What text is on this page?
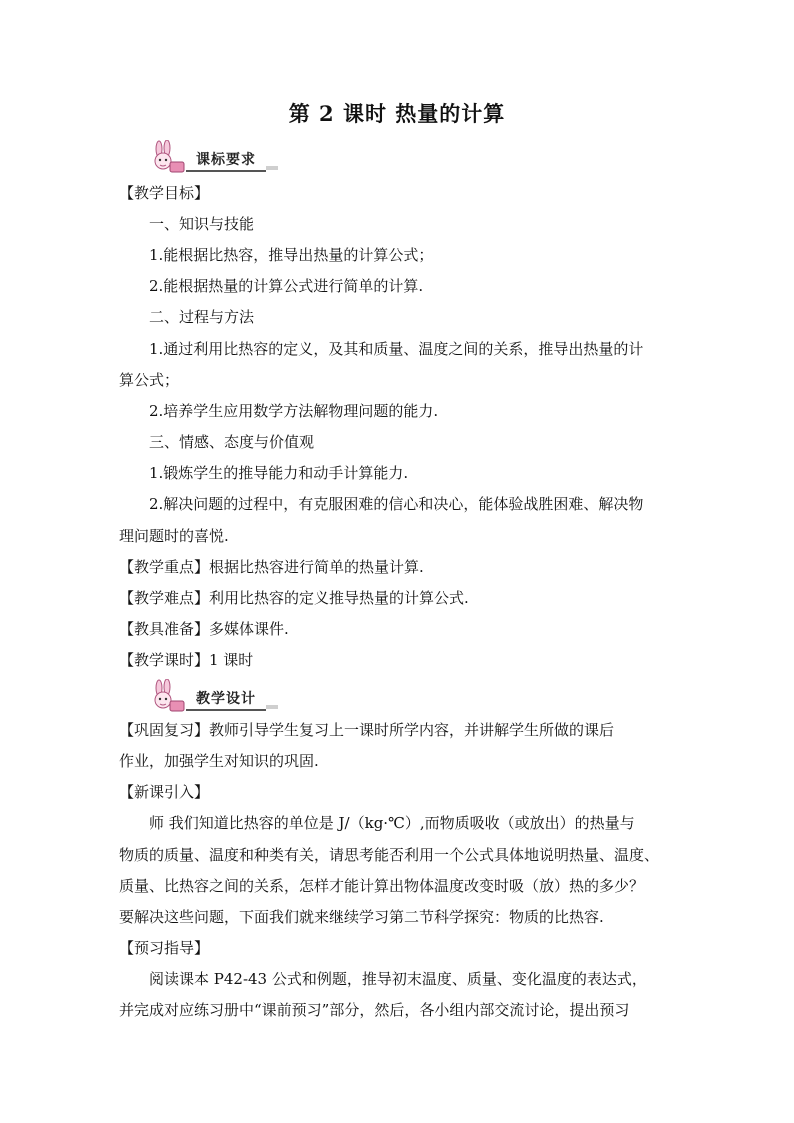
第 2 课时 热量的计算
课标要求
【教学目标】
一、知识与技能
1.能根据比热容，推导出热量的计算公式；
2.能根据热量的计算公式进行简单的计算.
二、过程与方法
1.通过利用比热容的定义，及其和质量、温度之间的关系，推导出热量的计
算公式；
2.培养学生应用数学方法解物理问题的能力.
三、情感、态度与价值观
1.锻炼学生的推导能力和动手计算能力.
2.解决问题的过程中，有克服困难的信心和决心，能体验战胜困难、解决物
理问题时的喜悦.
【教学重点】根据比热容进行简单的热量计算.
【教学难点】利用比热容的定义推导热量的计算公式.
【教具准备】多媒体课件.
【教学课时】1 课时
教学设计
【巩固复习】教师引导学生复习上一课时所学内容，并讲解学生所做的课后
作业，加强学生对知识的巩固.
【新课引入】
师 我们知道比热容的单位是 J/（kg·℃）,而物质吸收（或放出）的热量与
物质的质量、温度和种类有关，请思考能否利用一个公式具体地说明热量、温度、
质量、比热容之间的关系，怎样才能计算出物体温度改变时吸（放）热的多少？
要解决这些问题，下面我们就来继续学习第二节科学探究：物质的比热容.
【预习指导】
阅读课本 P42-43 公式和例题，推导初末温度、质量、变化温度的表达式，
并完成对应练习册中“课前预习”部分，然后，各小组内部交流讨论，提出预习
